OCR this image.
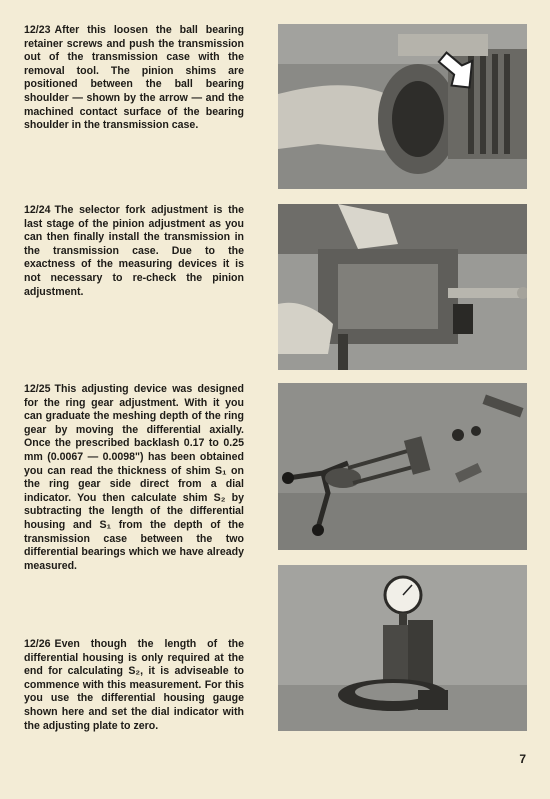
12/23 After this loosen the ball bearing retainer screws and push the transmission out of the transmission case with the removal tool. The pinion shims are positioned between the ball bearing shoulder — shown by the arrow — and the machined contact surface of the bearing shoulder in the transmission case.
12/24 The selector fork adjustment is the last stage of the pinion adjustment as you can then finally install the transmission in the transmission case. Due to the exactness of the measuring devices it is not necessary to re-check the pinion adjustment.
12/25 This adjusting device was designed for the ring gear adjustment. With it you can graduate the meshing depth of the ring gear by moving the differential axially. Once the prescribed backlash 0.17 to 0.25 mm (0.0067 — 0.0098") has been obtained you can read the thickness of shim S₁ on the ring gear side direct from a dial indicator. You then calculate shim S₂ by subtracting the length of the differential housing and S₁ from the depth of the transmission case between the two differential bearings which we have already measured.
12/26 Even though the length of the differential housing is only required at the end for calculating S₂, it is adviseable to commence with this measurement. For this you use the differential housing gauge shown here and set the dial indicator with the adjusting plate to zero.
7
